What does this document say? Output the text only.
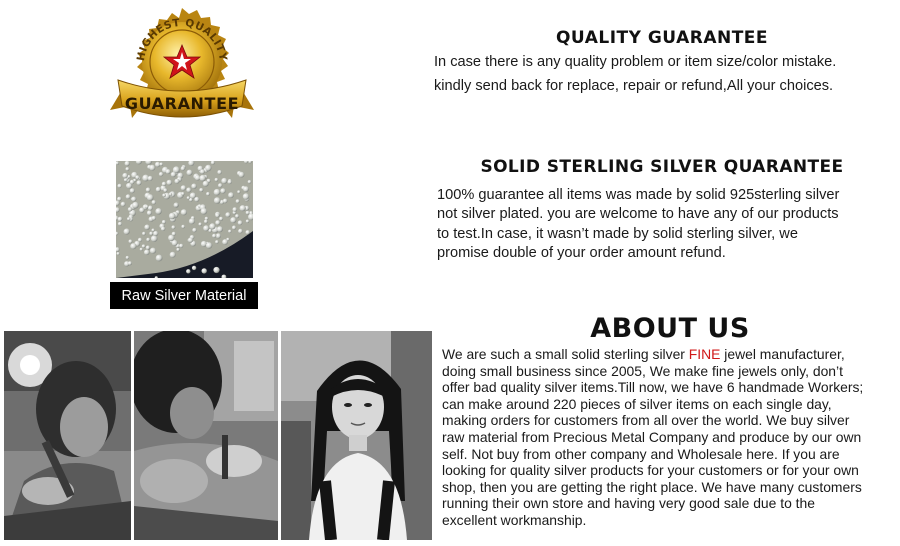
HIGHEST QUALITY
GUARANTEE
QUALITY GUARANTEE
In case there is any quality problem or item size/color mistake.
kindly send back for replace, repair or refund,All your choices.
Raw Silver Material
SOLID STERLING SILVER QUARANTEE
100% guarantee all items was made by solid 925sterling silver
not silver plated. you are welcome to have any of our products
to test.In case, it wasn’t made by solid sterling silver, we
promise double of your order amount refund.
ABOUT US
We are such a small solid sterling silver FINE jewel manufacturer,
doing small business since 2005, We make fine jewels only, don’t
offer bad quality silver items.Till now, we have 6 handmade Workers;
can make around 220 pieces of silver items on each single day,
making orders for customers from all over the world. We buy silver
raw material from Precious Metal Company and produce by our own
self. Not buy from other company and Wholesale here. If you are
looking for quality silver products for your customers or for your own
shop, then you are getting the right place. We have many customers
running their own store and having very good sale due to the
excellent workmanship.
